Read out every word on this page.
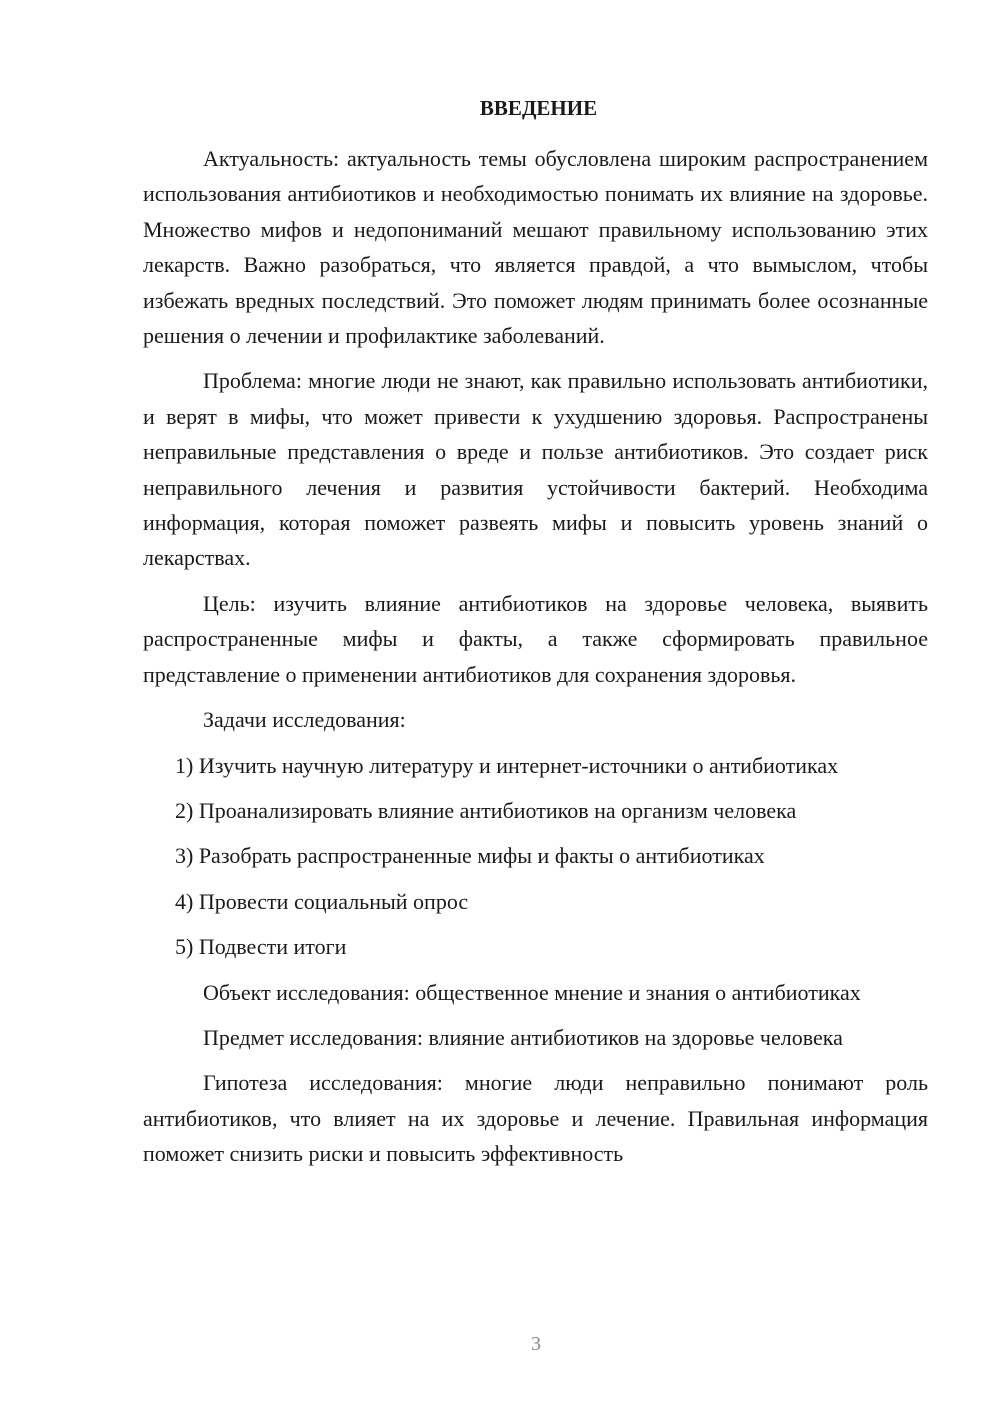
ВВЕДЕНИЕ

Актуальность: актуальность темы обусловлена широким распространением использования антибиотиков и необходимостью понимать их влияние на здоровье. Множество мифов и недопониманий мешают правильному использованию этих лекарств. Важно разобраться, что является правдой, а что вымыслом, чтобы избежать вредных последствий. Это поможет людям принимать более осознанные решения о лечении и профилактике заболеваний.

Проблема: многие люди не знают, как правильно использовать антибиотики, и верят в мифы, что может привести к ухудшению здоровья. Распространены неправильные представления о вреде и пользе антибиотиков. Это создает риск неправильного лечения и развития устойчивости бактерий. Необходима информация, которая поможет развеять мифы и повысить уровень знаний о лекарствах.

Цель: изучить влияние антибиотиков на здоровье человека, выявить распространенные мифы и факты, а также сформировать правильное представление о применении антибиотиков для сохранения здоровья.

Задачи исследования:

1) Изучить научную литературу и интернет-источники о антибиотиках
2) Проанализировать влияние антибиотиков на организм человека
3) Разобрать распространенные мифы и факты о антибиотиках
4) Провести социальный опрос
5) Подвести итоги

Объект исследования: общественное мнение и знания о антибиотиках

Предмет исследования: влияние антибиотиков на здоровье человека

Гипотеза исследования: многие люди неправильно понимают роль антибиотиков, что влияет на их здоровье и лечение. Правильная информация поможет снизить риски и повысить эффективность

3
